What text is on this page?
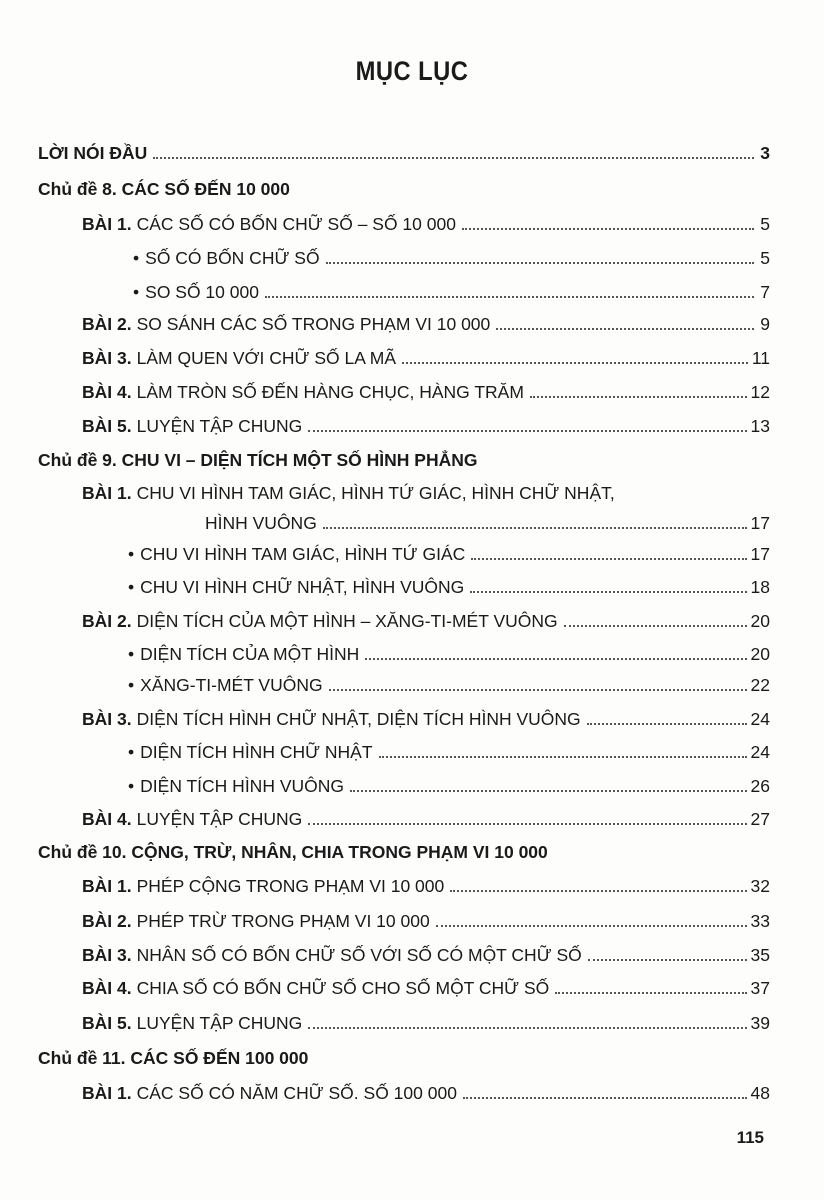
MỤC LỤC
LỜI NÓI ĐẦU	3
Chủ đề 8. CÁC SỐ ĐẾN 10 000
BÀI 1. CÁC SỐ CÓ BỐN CHỮ SỐ – SỐ 10 000	5
• SỐ CÓ BỐN CHỮ SỐ	5
• SO SỐ 10 000	7
BÀI 2. SO SÁNH CÁC SỐ TRONG PHẠM VI 10 000	9
BÀI 3. LÀM QUEN VỚI CHỮ SỐ LA MÃ	11
BÀI 4. LÀM TRÒN SỐ ĐẾN HÀNG CHỤC, HÀNG TRĂM	12
BÀI 5. LUYỆN TẬP CHUNG	13
Chủ đề 9. CHU VI – DIỆN TÍCH MỘT SỐ HÌNH PHẲNG
BÀI 1. CHU VI HÌNH TAM GIÁC, HÌNH TỨ GIÁC, HÌNH CHỮ NHẬT,
HÌNH VUÔNG	17
• CHU VI HÌNH TAM GIÁC, HÌNH TỨ GIÁC	17
• CHU VI HÌNH CHỮ NHẬT, HÌNH VUÔNG	18
BÀI 2. DIỆN TÍCH CỦA MỘT HÌNH – XĂNG-TI-MÉT VUÔNG	20
• DIỆN TÍCH CỦA MỘT HÌNH	20
• XĂNG-TI-MÉT VUÔNG	22
BÀI 3. DIỆN TÍCH HÌNH CHỮ NHẬT, DIỆN TÍCH HÌNH VUÔNG	24
• DIỆN TÍCH HÌNH CHỮ NHẬT	24
• DIỆN TÍCH HÌNH VUÔNG	26
BÀI 4. LUYỆN TẬP CHUNG	27
Chủ đề 10. CỘNG, TRỪ, NHÂN, CHIA TRONG PHẠM VI 10 000
BÀI 1. PHÉP CỘNG TRONG PHẠM VI 10 000	32
BÀI 2. PHÉP TRỪ TRONG PHẠM VI 10 000	33
BÀI 3. NHÂN SỐ CÓ BỐN CHỮ SỐ VỚI SỐ CÓ MỘT CHỮ SỐ	35
BÀI 4. CHIA SỐ CÓ BỐN CHỮ SỐ CHO SỐ MỘT CHỮ SỐ	37
BÀI 5. LUYỆN TẬP CHUNG	39
Chủ đề 11. CÁC SỐ ĐẾN 100 000
BÀI 1. CÁC SỐ CÓ NĂM CHỮ SỐ. SỐ 100 000	48
115
